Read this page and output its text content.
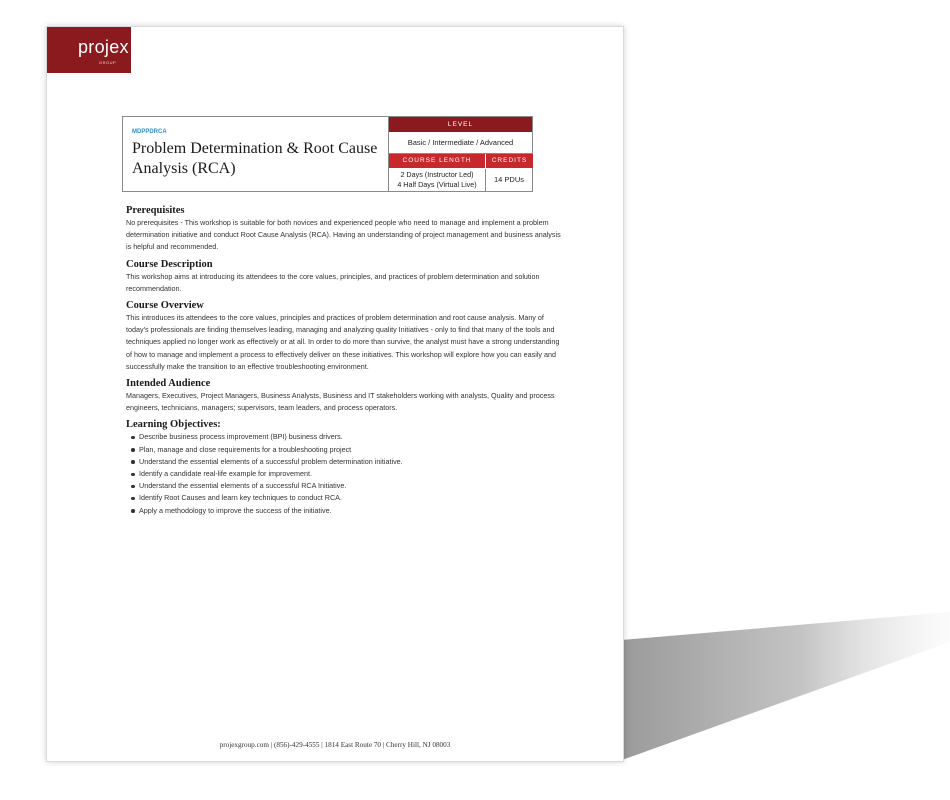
projex
GROUP
MDPPDRCA
Problem Determination & Root Cause Analysis (RCA)
LEVEL
Basic / Intermediate / Advanced
COURSE LENGTH	CREDITS
2 Days (Instructor Led)
4 Half Days (Virtual Live)
14 PDUs
Prerequisites

No prerequisites - This workshop is suitable for both novices and experienced people who need to manage and implement a problem determination initiative and conduct Root Cause Analysis (RCA). Having an understanding of project management and business analysis is helpful and recommended.

Course Description

This workshop aims at introducing its attendees to the core values, principles, and practices of problem determination and solution recommendation.

Course Overview

This introduces its attendees to the core values, principles and practices of problem determination and root cause analysis. Many of today's professionals are finding themselves leading, managing and analyzing quality Initiatives - only to find that many of the tools and techniques applied no longer work as effectively or at all. In order to do more than survive, the analyst must have a strong understanding of how to manage and implement a process to effectively deliver on these initiatives. This workshop will explore how you can easily and successfully make the transition to an effective troubleshooting environment.

Intended Audience

Managers, Executives, Project Managers, Business Analysts, Business and IT stakeholders working with analysts, Quality and process engineers, technicians, managers; supervisors, team leaders, and process operators.

Learning Objectives:
Describe business process improvement (BPI) business drivers.
Plan, manage and close requirements for a troubleshooting project
Understand the essential elements of a successful problem determination initiative.
Identify a candidate real-life example for improvement.
Understand the essential elements of a successful RCA Initiative.
Identify Root Causes and learn key techniques to conduct RCA.
Apply a methodology to improve the success of the initiative.
projexgroup.com | (856)-429-4555 | 1814 East Route 70 | Cherry Hill, NJ 08003
